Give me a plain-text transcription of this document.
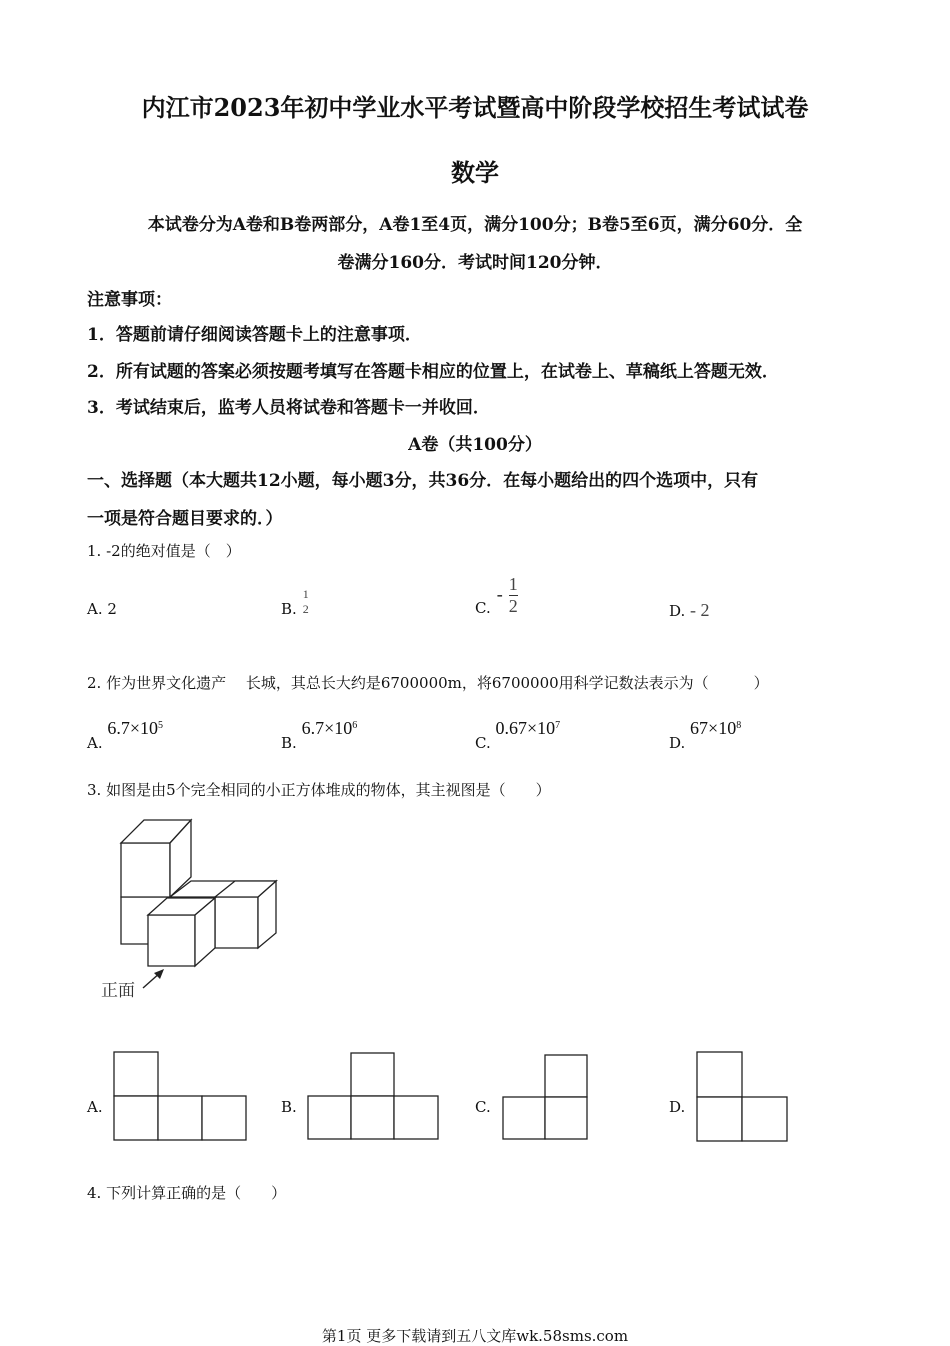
内江市2023年初中学业水平考试暨高中阶段学校招生考试试卷
数学
本试卷分为A卷和B卷两部分，A卷1至4页，满分100分；B卷5至6页，满分60分．全
卷满分160分．考试时间120分钟．
注意事项：
1．答题前请仔细阅读答题卡上的注意事项．
2．所有试题的答案必须按题考填写在答题卡相应的位置上，在试卷上、草稿纸上答题无效．
3．考试结束后，监考人员将试卷和答题卡一并收回．
A卷（共100分）
一、选择题（本大题共12小题，每小题3分，共36分．在每小题给出的四个选项中，只有
一项是符合题目要求的．）
1. -2的绝对值是（　）
A. 2	B.
1
2	C.
- $\frac{1}{2}$	D. - 2
2. 作为世界文化遗产　 长城，其总长大约是6700000m，将6700000用科学记数法表示为（　　　）
A. $6.7\times 10^5$
B. $6.7\times 10^6$
C. $0.67\times 10^7$
D. $67\times 10^8$
3. 如图是由5个完全相同的小正方体堆成的物体，其主视图是（　　）
正面
A.	B.	C.	D.
4. 下列计算正确的是（　　）
第1页 更多下载请到五八文库wk.58sms.com
